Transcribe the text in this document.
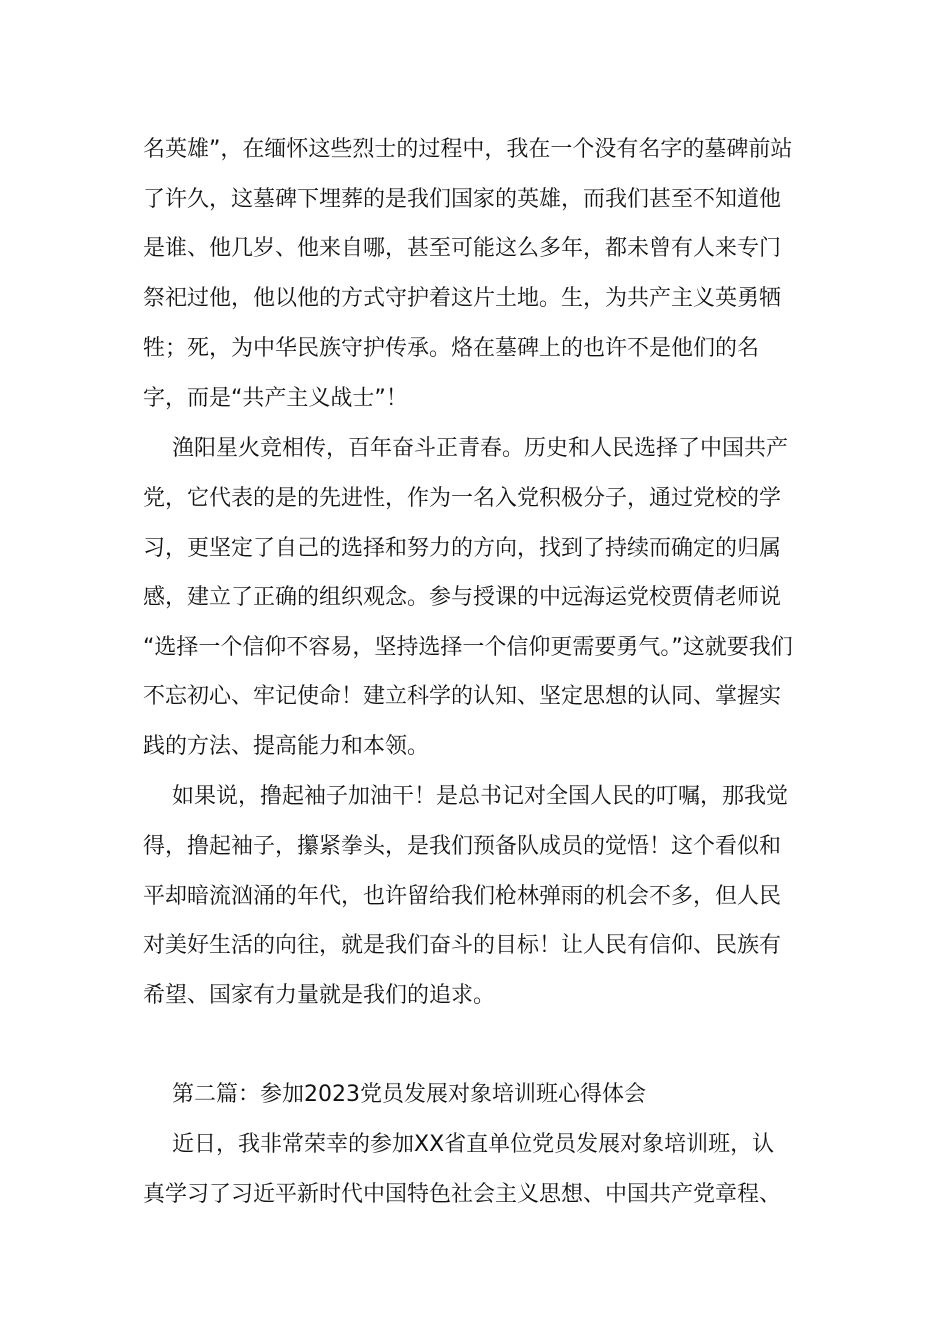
名英雄”，在缅怀这些烈士的过程中，我在一个没有名字的墓碑前站
了许久，这墓碑下埋葬的是我们国家的英雄，而我们甚至不知道他
是谁、他几岁、他来自哪，甚至可能这么多年，都未曾有人来专门
祭祀过他，他以他的方式守护着这片土地。生，为共产主义英勇牺
牲；死，为中华民族守护传承。烙在墓碑上的也许不是他们的名
字，而是“共产主义战士”！
渔阳星火竞相传，百年奋斗正青春。历史和人民选择了中国共产
党，它代表的是的先进性，作为一名入党积极分子，通过党校的学
习，更坚定了自己的选择和努力的方向，找到了持续而确定的归属
感，建立了正确的组织观念。参与授课的中远海运党校贾倩老师说
“选择一个信仰不容易，坚持选择一个信仰更需要勇气。”这就要我们
不忘初心、牢记使命！建立科学的认知、坚定思想的认同、掌握实
践的方法、提高能力和本领。
如果说，撸起袖子加油干！是总书记对全国人民的叮嘱，那我觉
得，撸起袖子，攥紧拳头，是我们预备队成员的觉悟！这个看似和
平却暗流汹涌的年代，也许留给我们枪林弹雨的机会不多，但人民
对美好生活的向往，就是我们奋斗的目标！让人民有信仰、民族有
希望、国家有力量就是我们的追求。
第二篇：参加2023党员发展对象培训班心得体会
近日，我非常荣幸的参加XX省直单位党员发展对象培训班，认
真学习了习近平新时代中国特色社会主义思想、中国共产党章程、
